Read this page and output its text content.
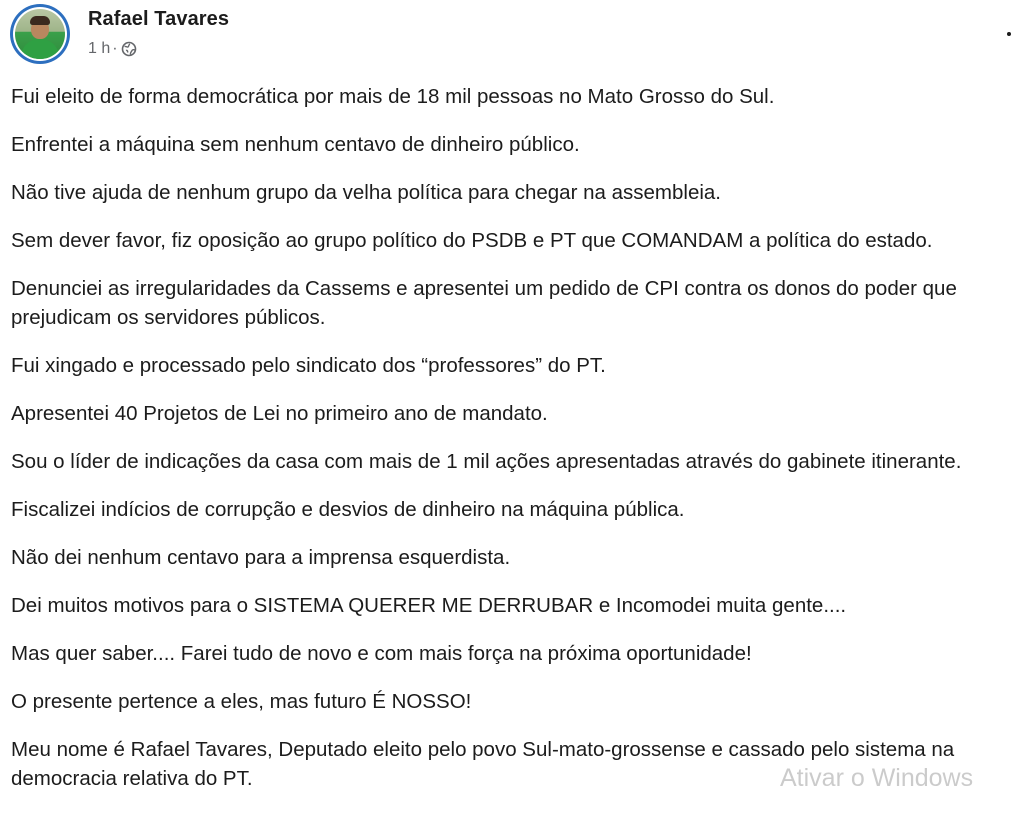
Rafael Tavares
1 h ·

Fui eleito de forma democrática por mais de 18 mil pessoas no Mato Grosso do Sul.

Enfrentei a máquina sem nenhum centavo de dinheiro público.

Não tive ajuda de nenhum grupo da velha política para chegar na assembleia.

Sem dever favor, fiz oposição ao grupo político do PSDB e PT que COMANDAM a política do estado.

Denunciei as irregularidades da Cassems e apresentei um pedido de CPI contra os donos do poder que prejudicam os servidores públicos.

Fui xingado e processado pelo sindicato dos “professores” do PT.

Apresentei 40 Projetos de Lei no primeiro ano de mandato.

Sou o líder de indicações da casa com mais de 1 mil ações apresentadas através do gabinete itinerante.

Fiscalizei indícios de corrupção e desvios de dinheiro na máquina pública.

Não dei nenhum centavo para a imprensa esquerdista.

Dei muitos motivos para o SISTEMA QUERER ME DERRUBAR e Incomodei muita gente....

Mas quer saber.... Farei tudo de novo e com mais força na próxima oportunidade!

O presente pertence a eles, mas futuro É NOSSO!

Meu nome é Rafael Tavares, Deputado eleito pelo povo Sul-mato-grossense e cassado pelo sistema na democracia relativa do PT.	Ativar o Windows
